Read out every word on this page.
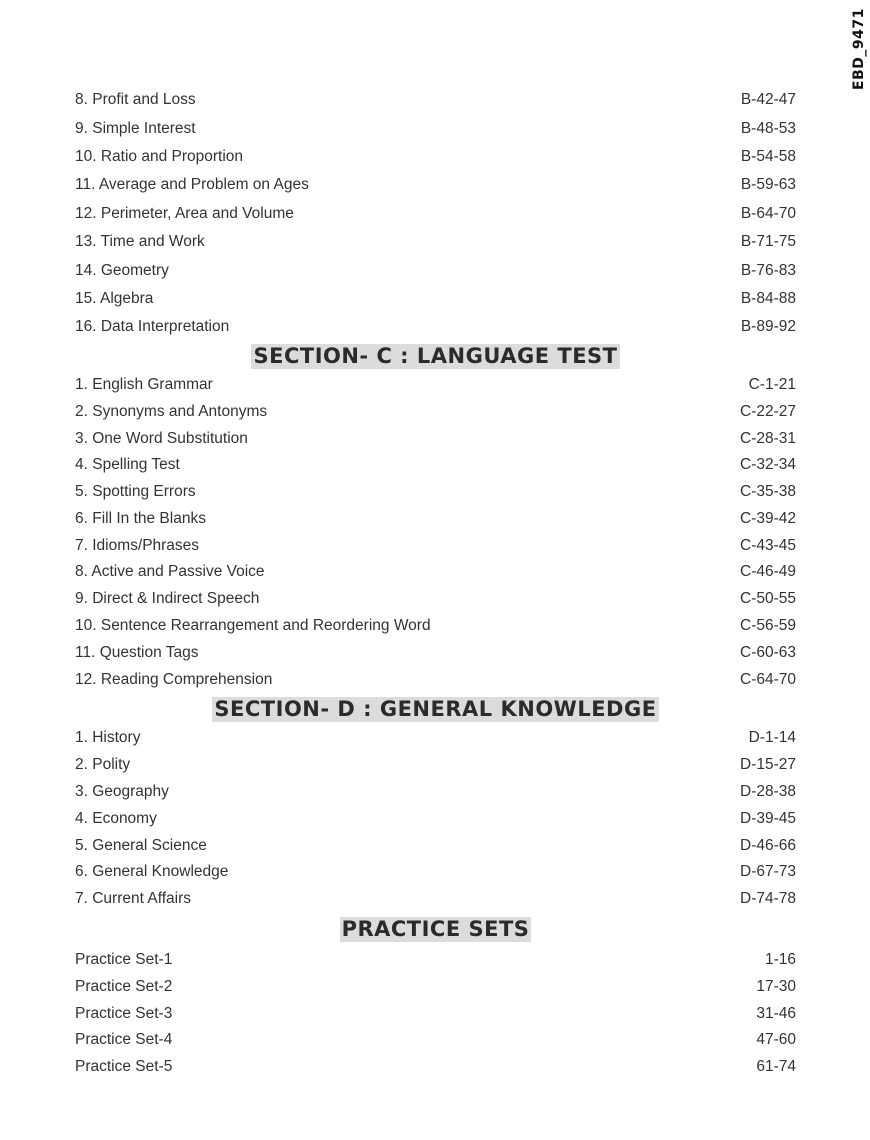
EBD_9471
8. Profit and Loss	B-42-47
9. Simple Interest	B-48-53
10. Ratio and Proportion	B-54-58
11. Average and Problem on Ages	B-59-63
12. Perimeter, Area and Volume	B-64-70
13. Time and Work	B-71-75
14. Geometry	B-76-83
15. Algebra	B-84-88
16. Data Interpretation	B-89-92
SECTION- C : LANGUAGE TEST
1. English Grammar	C-1-21
2. Synonyms and Antonyms	C-22-27
3. One Word Substitution	C-28-31
4. Spelling Test	C-32-34
5. Spotting Errors	C-35-38
6. Fill In the Blanks	C-39-42
7. Idioms/Phrases	C-43-45
8. Active and Passive Voice	C-46-49
9. Direct & Indirect Speech	C-50-55
10. Sentence Rearrangement and Reordering Word	C-56-59
11. Question Tags	C-60-63
12. Reading Comprehension	C-64-70
SECTION- D : GENERAL KNOWLEDGE
1. History	D-1-14
2. Polity	D-15-27
3. Geography	D-28-38
4. Economy	D-39-45
5. General Science	D-46-66
6. General Knowledge	D-67-73
7. Current Affairs	D-74-78
PRACTICE SETS
Practice Set-1	1-16
Practice Set-2	17-30
Practice Set-3	31-46
Practice Set-4	47-60
Practice Set-5	61-74
